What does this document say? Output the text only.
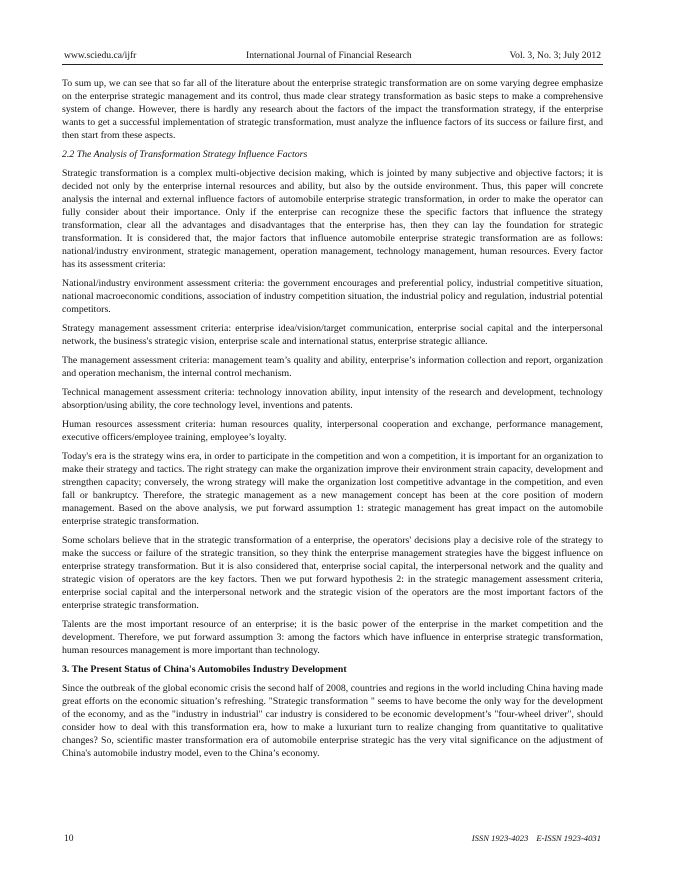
www.sciedu.ca/ijfr	International Journal of Financial Research	Vol. 3, No. 3; July 2012

To sum up, we can see that so far all of the literature about the enterprise strategic transformation are on some varying degree emphasize on the enterprise strategic management and its control, thus made clear strategy transformation as basic steps to make a comprehensive system of change. However, there is hardly any research about the factors of the impact the transformation strategy, if the enterprise wants to get a successful implementation of strategic transformation, must analyze the influence factors of its success or failure first, and then start from these aspects.

2.2 The Analysis of Transformation Strategy Influence Factors

Strategic transformation is a complex multi-objective decision making, which is jointed by many subjective and objective factors; it is decided not only by the enterprise internal resources and ability, but also by the outside environment. Thus, this paper will concrete analysis the internal and external influence factors of automobile enterprise strategic transformation, in order to make the operator can fully consider about their importance. Only if the enterprise can recognize these the specific factors that influence the strategy transformation, clear all the advantages and disadvantages that the enterprise has, then they can lay the foundation for strategic transformation. It is considered that, the major factors that influence automobile enterprise strategic transformation are as follows: national/industry environment, strategic management, operation management, technology management, human resources. Every factor has its assessment criteria:

National/industry environment assessment criteria: the government encourages and preferential policy, industrial competitive situation, national macroeconomic conditions, association of industry competition situation, the industrial policy and regulation, industrial potential competitors.

Strategy management assessment criteria: enterprise idea/vision/target communication, enterprise social capital and the interpersonal network, the business's strategic vision, enterprise scale and international status, enterprise strategic alliance.

The management assessment criteria: management team’s quality and ability, enterprise’s information collection and report, organization and operation mechanism, the internal control mechanism.

Technical management assessment criteria: technology innovation ability, input intensity of the research and development, technology absorption/using ability, the core technology level, inventions and patents.

Human resources assessment criteria: human resources quality, interpersonal cooperation and exchange, performance management, executive officers/employee training, employee’s loyalty.

Today's era is the strategy wins era, in order to participate in the competition and won a competition, it is important for an organization to make their strategy and tactics. The right strategy can make the organization improve their environment strain capacity, development and strengthen capacity; conversely, the wrong strategy will make the organization lost competitive advantage in the competition, and even fall or bankruptcy. Therefore, the strategic management as a new management concept has been at the core position of modern management. Based on the above analysis, we put forward assumption 1: strategic management has great impact on the automobile enterprise strategic transformation.

Some scholars believe that in the strategic transformation of a enterprise, the operators' decisions play a decisive role of the strategy to make the success or failure of the strategic transition, so they think the enterprise management strategies have the biggest influence on enterprise strategy transformation. But it is also considered that, enterprise social capital, the interpersonal network and the quality and strategic vision of operators are the key factors. Then we put forward hypothesis 2: in the strategic management assessment criteria, enterprise social capital and the interpersonal network and the strategic vision of the operators are the most important factors of the enterprise strategic transformation.

Talents are the most important resource of an enterprise; it is the basic power of the enterprise in the market competition and the development. Therefore, we put forward assumption 3: among the factors which have influence in enterprise strategic transformation, human resources management is more important than technology.

3. The Present Status of China's Automobiles Industry Development

Since the outbreak of the global economic crisis the second half of 2008, countries and regions in the world including China having made great efforts on the economic situation’s refreshing. "Strategic transformation " seems to have become the only way for the development of the economy, and as the "industry in industrial" car industry is considered to be economic development’s "four-wheel driver", should consider how to deal with this transformation era, how to make a luxuriant turn to realize changing from quantitative to qualitative changes? So, scientific master transformation era of automobile enterprise strategic has the very vital significance on the adjustment of China's automobile industry model, even to the China’s economy.

10	ISSN 1923-4023 E-ISSN 1923-4031
